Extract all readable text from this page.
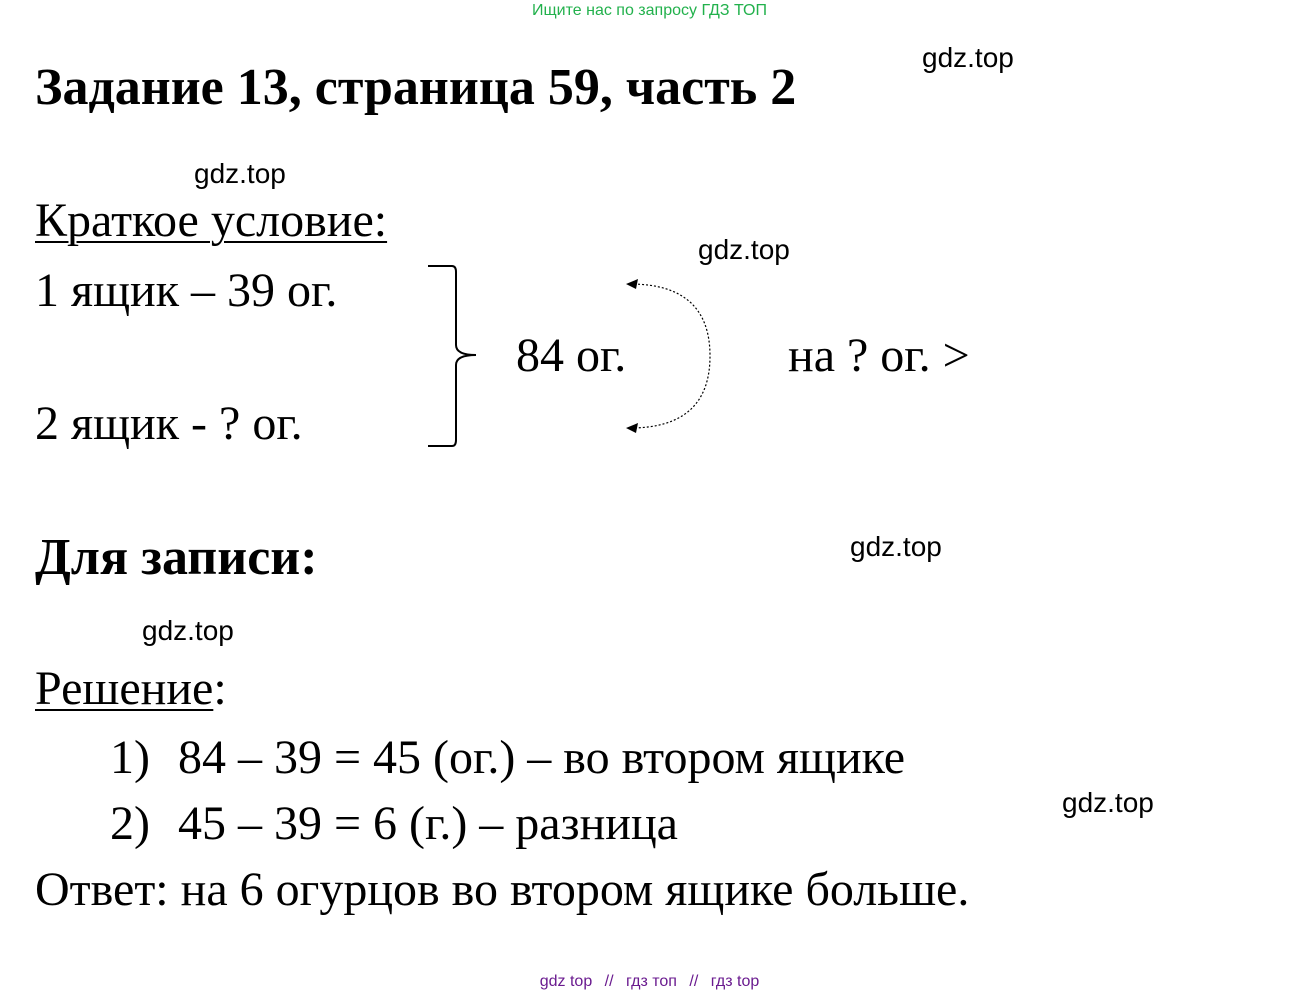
Ищите нас по запросу ГДЗ ТОП
Задание 13, страница 59, часть 2
gdz.top
gdz.top
gdz.top
gdz.top
gdz.top
gdz.top
Краткое условие:
1 ящик – 39 ог.
2 ящик - ? ог.
84 ог.	на ? ог. >
Для записи:
Решение:
1) 84 – 39 = 45 (ог.) – во втором ящике
2) 45 – 39 = 6 (г.) – разница
Ответ: на 6 огурцов во втором ящике больше.
gdz top // гдз топ // гдз top
